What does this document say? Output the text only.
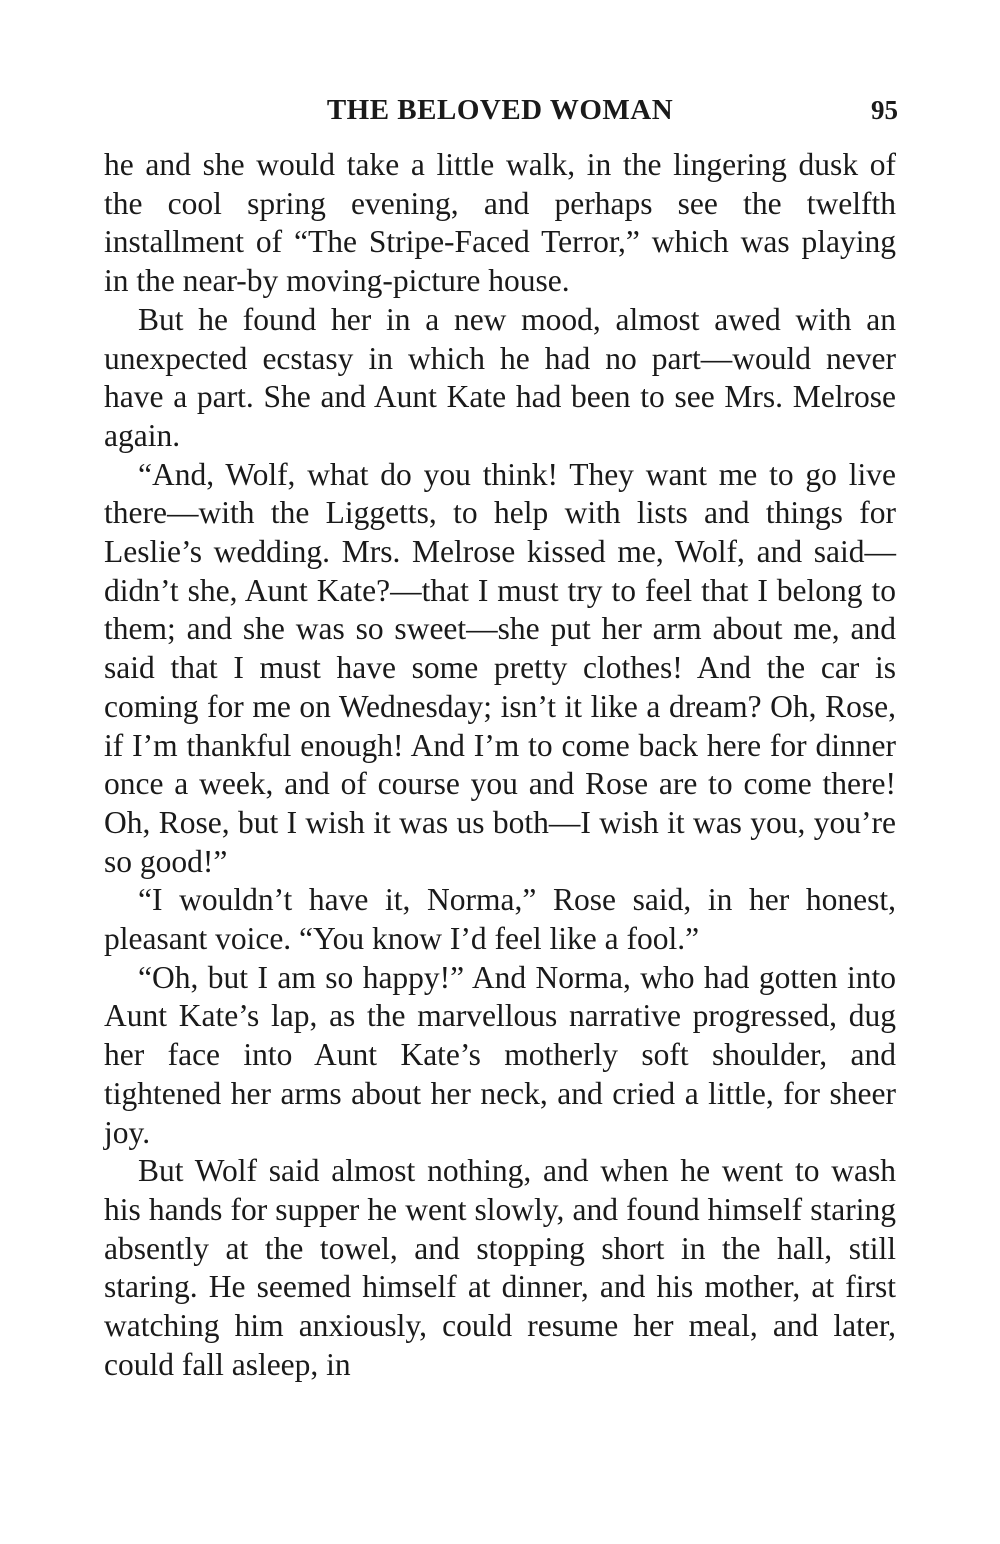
THE BELOVED WOMAN	95

he and she would take a little walk, in the lingering dusk of the cool spring evening, and perhaps see the twelfth installment of “The Stripe-Faced Terror,” which was playing in the near-by moving-picture house.

But he found her in a new mood, almost awed with an unexpected ecstasy in which he had no part—would never have a part. She and Aunt Kate had been to see Mrs. Melrose again.

“And, Wolf, what do you think! They want me to go live there—with the Liggetts, to help with lists and things for Leslie’s wedding. Mrs. Melrose kissed me, Wolf, and said—didn’t she, Aunt Kate?—that I must try to feel that I belong to them; and she was so sweet—she put her arm about me, and said that I must have some pretty clothes! And the car is coming for me on Wednesday; isn’t it like a dream? Oh, Rose, if I’m thankful enough! And I’m to come back here for dinner once a week, and of course you and Rose are to come there! Oh, Rose, but I wish it was us both—I wish it was you, you’re so good!”

“I wouldn’t have it, Norma,” Rose said, in her honest, pleasant voice. “You know I’d feel like a fool.”

“Oh, but I am so happy!” And Norma, who had gotten into Aunt Kate’s lap, as the marvellous narrative progressed, dug her face into Aunt Kate’s motherly soft shoulder, and tightened her arms about her neck, and cried a little, for sheer joy.

But Wolf said almost nothing, and when he went to wash his hands for supper he went slowly, and found himself staring absently at the towel, and stopping short in the hall, still staring. He seemed himself at dinner, and his mother, at first watching him anxiously, could resume her meal, and later, could fall asleep, in
